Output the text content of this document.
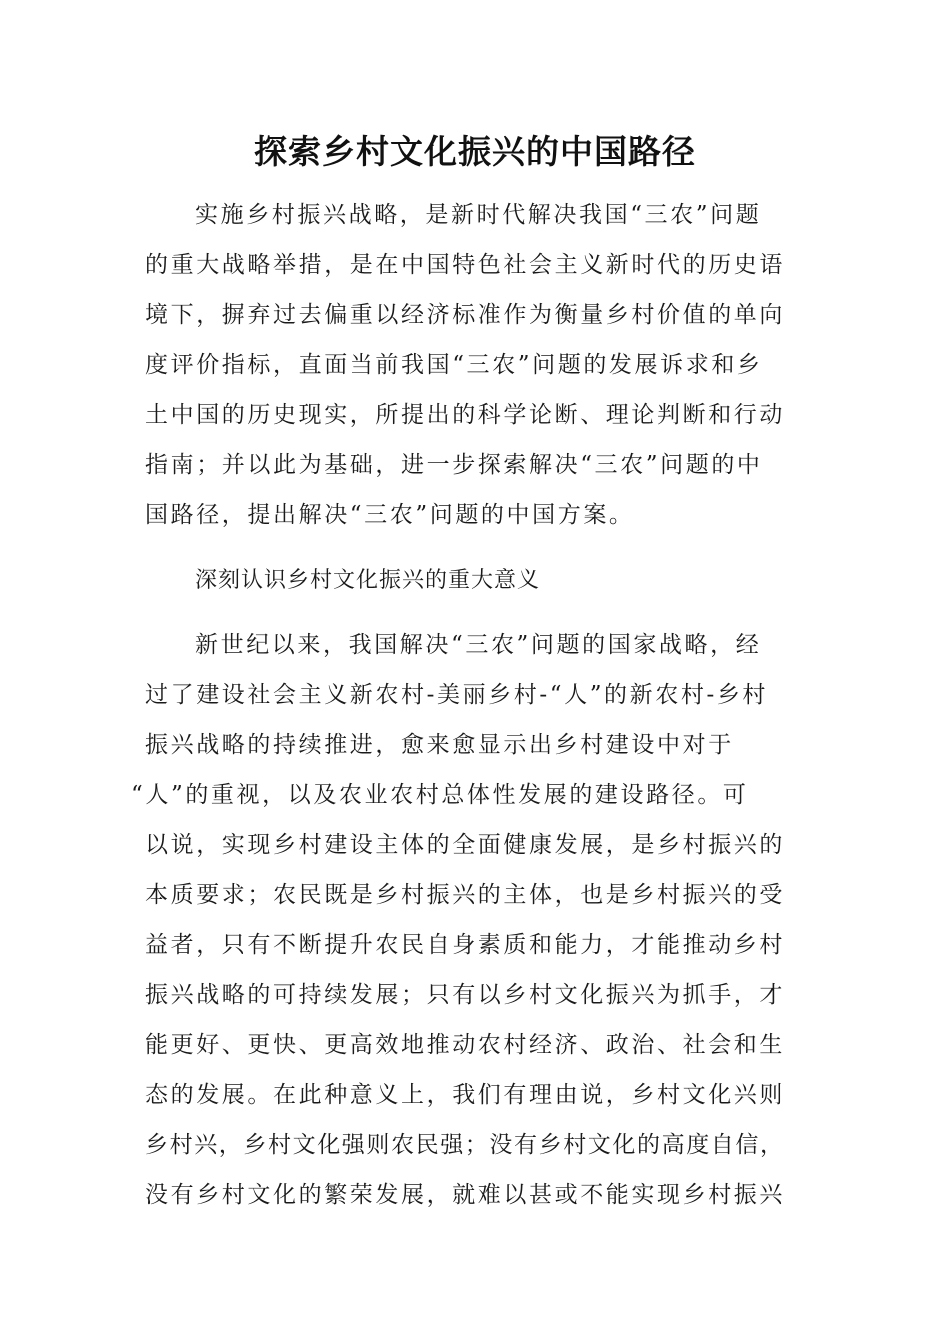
探索乡村文化振兴的中国路径
实施乡村振兴战略，是新时代解决我国“三农”问题
的重大战略举措，是在中国特色社会主义新时代的历史语
境下，摒弃过去偏重以经济标准作为衡量乡村价值的单向
度评价指标，直面当前我国“三农”问题的发展诉求和乡
土中国的历史现实，所提出的科学论断、理论判断和行动
指南；并以此为基础，进一步探索解决“三农”问题的中
国路径，提出解决“三农”问题的中国方案。
深刻认识乡村文化振兴的重大意义
新世纪以来，我国解决“三农”问题的国家战略，经
过了建设社会主义新农村-美丽乡村-“人”的新农村-乡村
振兴战略的持续推进，愈来愈显示出乡村建设中对于
“人”的重视，以及农业农村总体性发展的建设路径。可
以说，实现乡村建设主体的全面健康发展，是乡村振兴的
本质要求；农民既是乡村振兴的主体，也是乡村振兴的受
益者，只有不断提升农民自身素质和能力，才能推动乡村
振兴战略的可持续发展；只有以乡村文化振兴为抓手，才
能更好、更快、更高效地推动农村经济、政治、社会和生
态的发展。在此种意义上，我们有理由说，乡村文化兴则
乡村兴，乡村文化强则农民强；没有乡村文化的高度自信，
没有乡村文化的繁荣发展，就难以甚或不能实现乡村振兴
